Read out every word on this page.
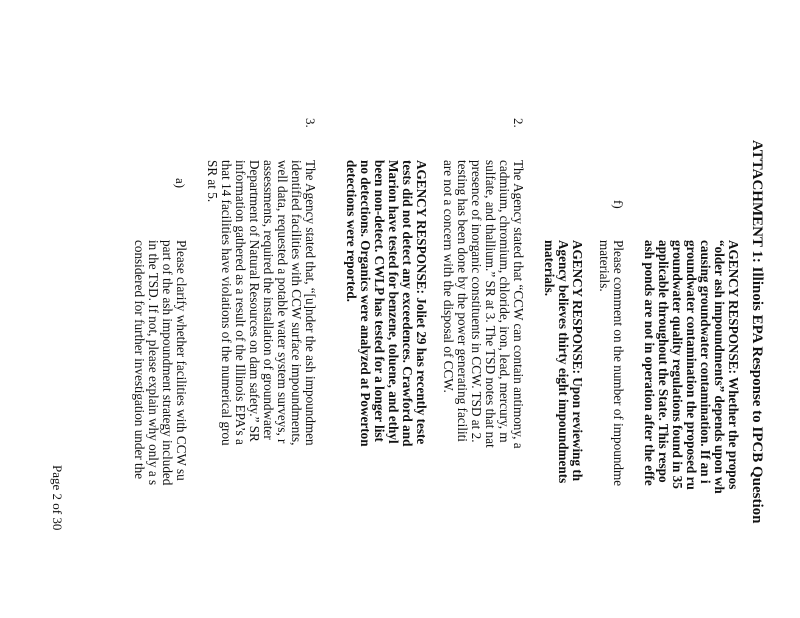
ATTACHMENT 1: Illinois EPA Response to IPCB Question
AGENCY RESPONSE: Whether the propos
“older ash impoundments” depends upon wh
causing groundwater contamination. If an i
groundwater contamination the proposed ru
groundwater quality regulations found in 35
applicable throughout the State. This respo
ash ponds are not in operation after the effe
f)
Please comment on the number of impoundme
materials.
AGENCY RESPONSE: Upon reviewing th
Agency believes thirty eight impoundments
materials.
2.
The Agency stated that “CCW can contain antimony, a
cadmium, chromium, chloride, iron, lead, mercury, m
sulfate, and thallium.” SR at 3. The TSD notes that nat
presence of inorganic constituents in CCW. TSD at 2.
testing has been done by the power generating faciliti
are not a concern with the disposal of CCW.
AGENCY RESPONSE: Joliet 29 has recently teste
tests did not detect any exceedences. Crawford and
Marion have tested for benzene, toluene, and ethyl
been non-detect. CWLP has tested for a longer list
no detections. Organics were analyzed at Powerton
detections were reported.
3.
The Agency stated that, “[u]nder the ash impoundmen
identified facilities with CCW surface impoundments,
well data, requested a potable water system surveys, r
assessments, required the installation of groundwater
Department of Natural Resources on dam safety.” SR
information gathered as a result of the Illinois EPA’s a
that 14 facilities have violations of the numerical grou
SR at 5.
a)
Please clarify whether facilities with CCW su
part of the ash impoundment strategy included
in the TSD. If not, please explain why only a s
considered for further investigation under the
Page 2 of 30
